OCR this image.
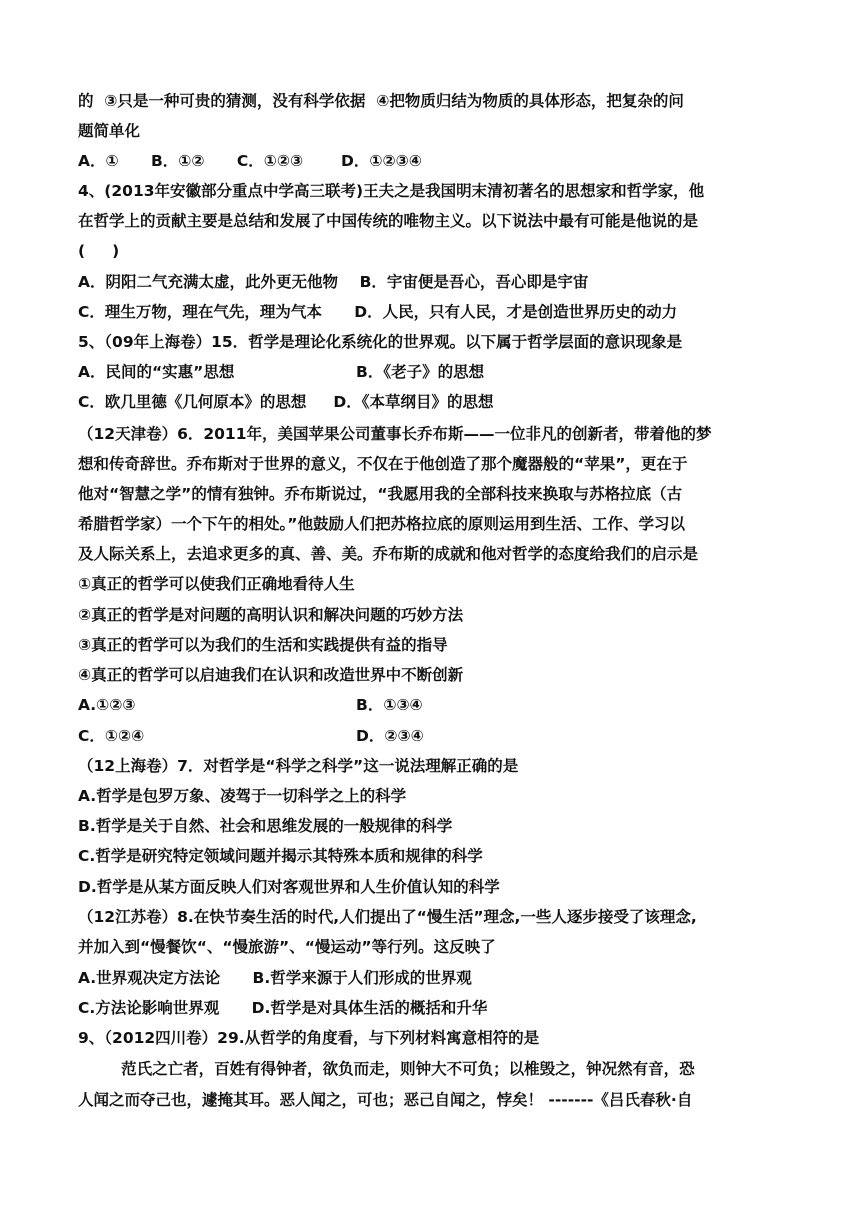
的  ③只是一种可贵的猜测，没有科学依据  ④把物质归结为物质的具体形态，把复杂的问
题简单化
A．①      B．①②      C．①②③       D．①②③④
4、(2013年安徽部分重点中学高三联考)王夫之是我国明末清初著名的思想家和哲学家，他
在哲学上的贡献主要是总结和发展了中国传统的唯物主义。以下说法中最有可能是他说的是
(     )
A．阴阳二气充满太虚，此外更无他物    B．宇宙便是吾心，吾心即是宇宙
C．理生万物，理在气先，理为气本      D．人民，只有人民，才是创造世界历史的动力
5、（09年上海卷）15．哲学是理论化系统化的世界观。以下属于哲学层面的意识现象是
A．民间的“实惠”思想	B．《老子》的思想
C．欧几里德《几何原本》的思想     D．《本草纲目》的思想
（12天津卷）6．2011年，美国苹果公司董事长乔布斯——一位非凡的创新者，带着他的梦
想和传奇辞世。乔布斯对于世界的意义，不仅在于他创造了那个魔器般的“苹果”，更在于
他对“智慧之学”的情有独钟。乔布斯说过，“我愿用我的全部科技来换取与苏格拉底（古
希腊哲学家）一个下午的相处。”他鼓励人们把苏格拉底的原则运用到生活、工作、学习以
及人际关系上，去追求更多的真、善、美。乔布斯的成就和他对哲学的态度给我们的启示是
①真正的哲学可以使我们正确地看待人生
②真正的哲学是对问题的高明认识和解决问题的巧妙方法
③真正的哲学可以为我们的生活和实践提供有益的指导
④真正的哲学可以启迪我们在认识和改造世界中不断创新
A.①②③	B．①③④
C．①②④	D．②③④
（12上海卷）7．对哲学是“科学之科学”这一说法理解正确的是
A.哲学是包罗万象、凌驾于一切科学之上的科学
B.哲学是关于自然、社会和思维发展的一般规律的科学
C.哲学是研究特定领域问题并揭示其特殊本质和规律的科学
D.哲学是从某方面反映人们对客观世界和人生价值认知的科学
（12江苏卷）8.在快节奏生活的时代,人们提出了“慢生活”理念,一些人逐步接受了该理念,
并加入到“慢餐饮“、“慢旅游”、“慢运动”等行列。这反映了
A.世界观决定方法论      B.哲学来源于人们形成的世界观
C.方法论影响世界观      D.哲学是对具体生活的概括和升华
9、（2012四川卷）29.从哲学的角度看，与下列材料寓意相符的是
范氏之亡者，百姓有得钟者，欲负而走，则钟大不可负；以椎毁之，钟况然有音，恐
人闻之而夺己也，遽掩其耳。恶人闻之，可也；恶己自闻之，悖矣！ -------《吕氏春秋·自
